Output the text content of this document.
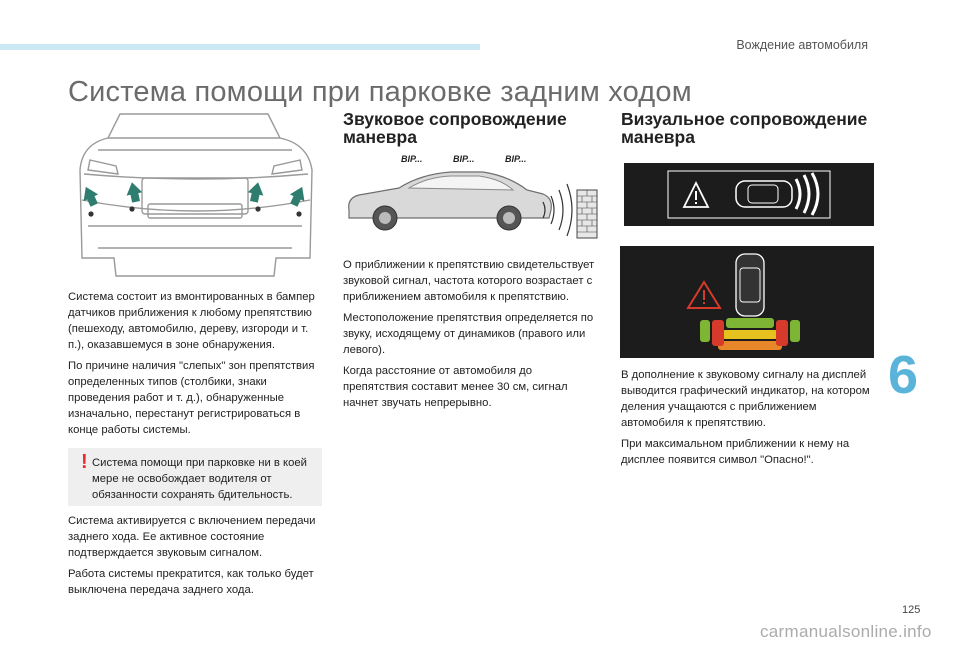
Вождение автомобиля
Система помощи при парковке задним ходом

Система состоит из вмонтированных в бампер датчиков приближения к любому препятствию (пешеходу, автомобилю, дереву, изгороди и т. п.), оказавшемуся в зоне обнаружения.

По причине наличия "слепых" зон препятствия определенных типов (столбики, знаки проведения работ и т. д.), обнаруженные изначально, перестанут регистрироваться в конце работы системы.

! Система помощи при парковке ни в коей мере не освобождает водителя от обязанности сохранять бдительность.

Система активируется с включением передачи заднего хода. Ее активное состояние подтверждается звуковым сигналом.

Работа системы прекратится, как только будет выключена передача заднего хода.

Звуковое сопровождение маневра
BIP...	BIP...	BIP...

О приближении к препятствию свидетельствует звуковой сигнал, частота которого возрастает с приближением автомобиля к препятствию.

Местоположение препятствия определяется по звуку, исходящему от динамиков (правого или левого).

Когда расстояние от автомобиля до препятствия составит менее 30 см, сигнал начнет звучать непрерывно.

Визуальное сопровождение маневра

В дополнение к звуковому сигналу на дисплей выводится графический индикатор, на котором деления учащаются с приближением автомобиля к препятствию.

При максимальном приближении к нему на дисплее появится символ "Опасно!".

6
125
carmanualsonline.info
